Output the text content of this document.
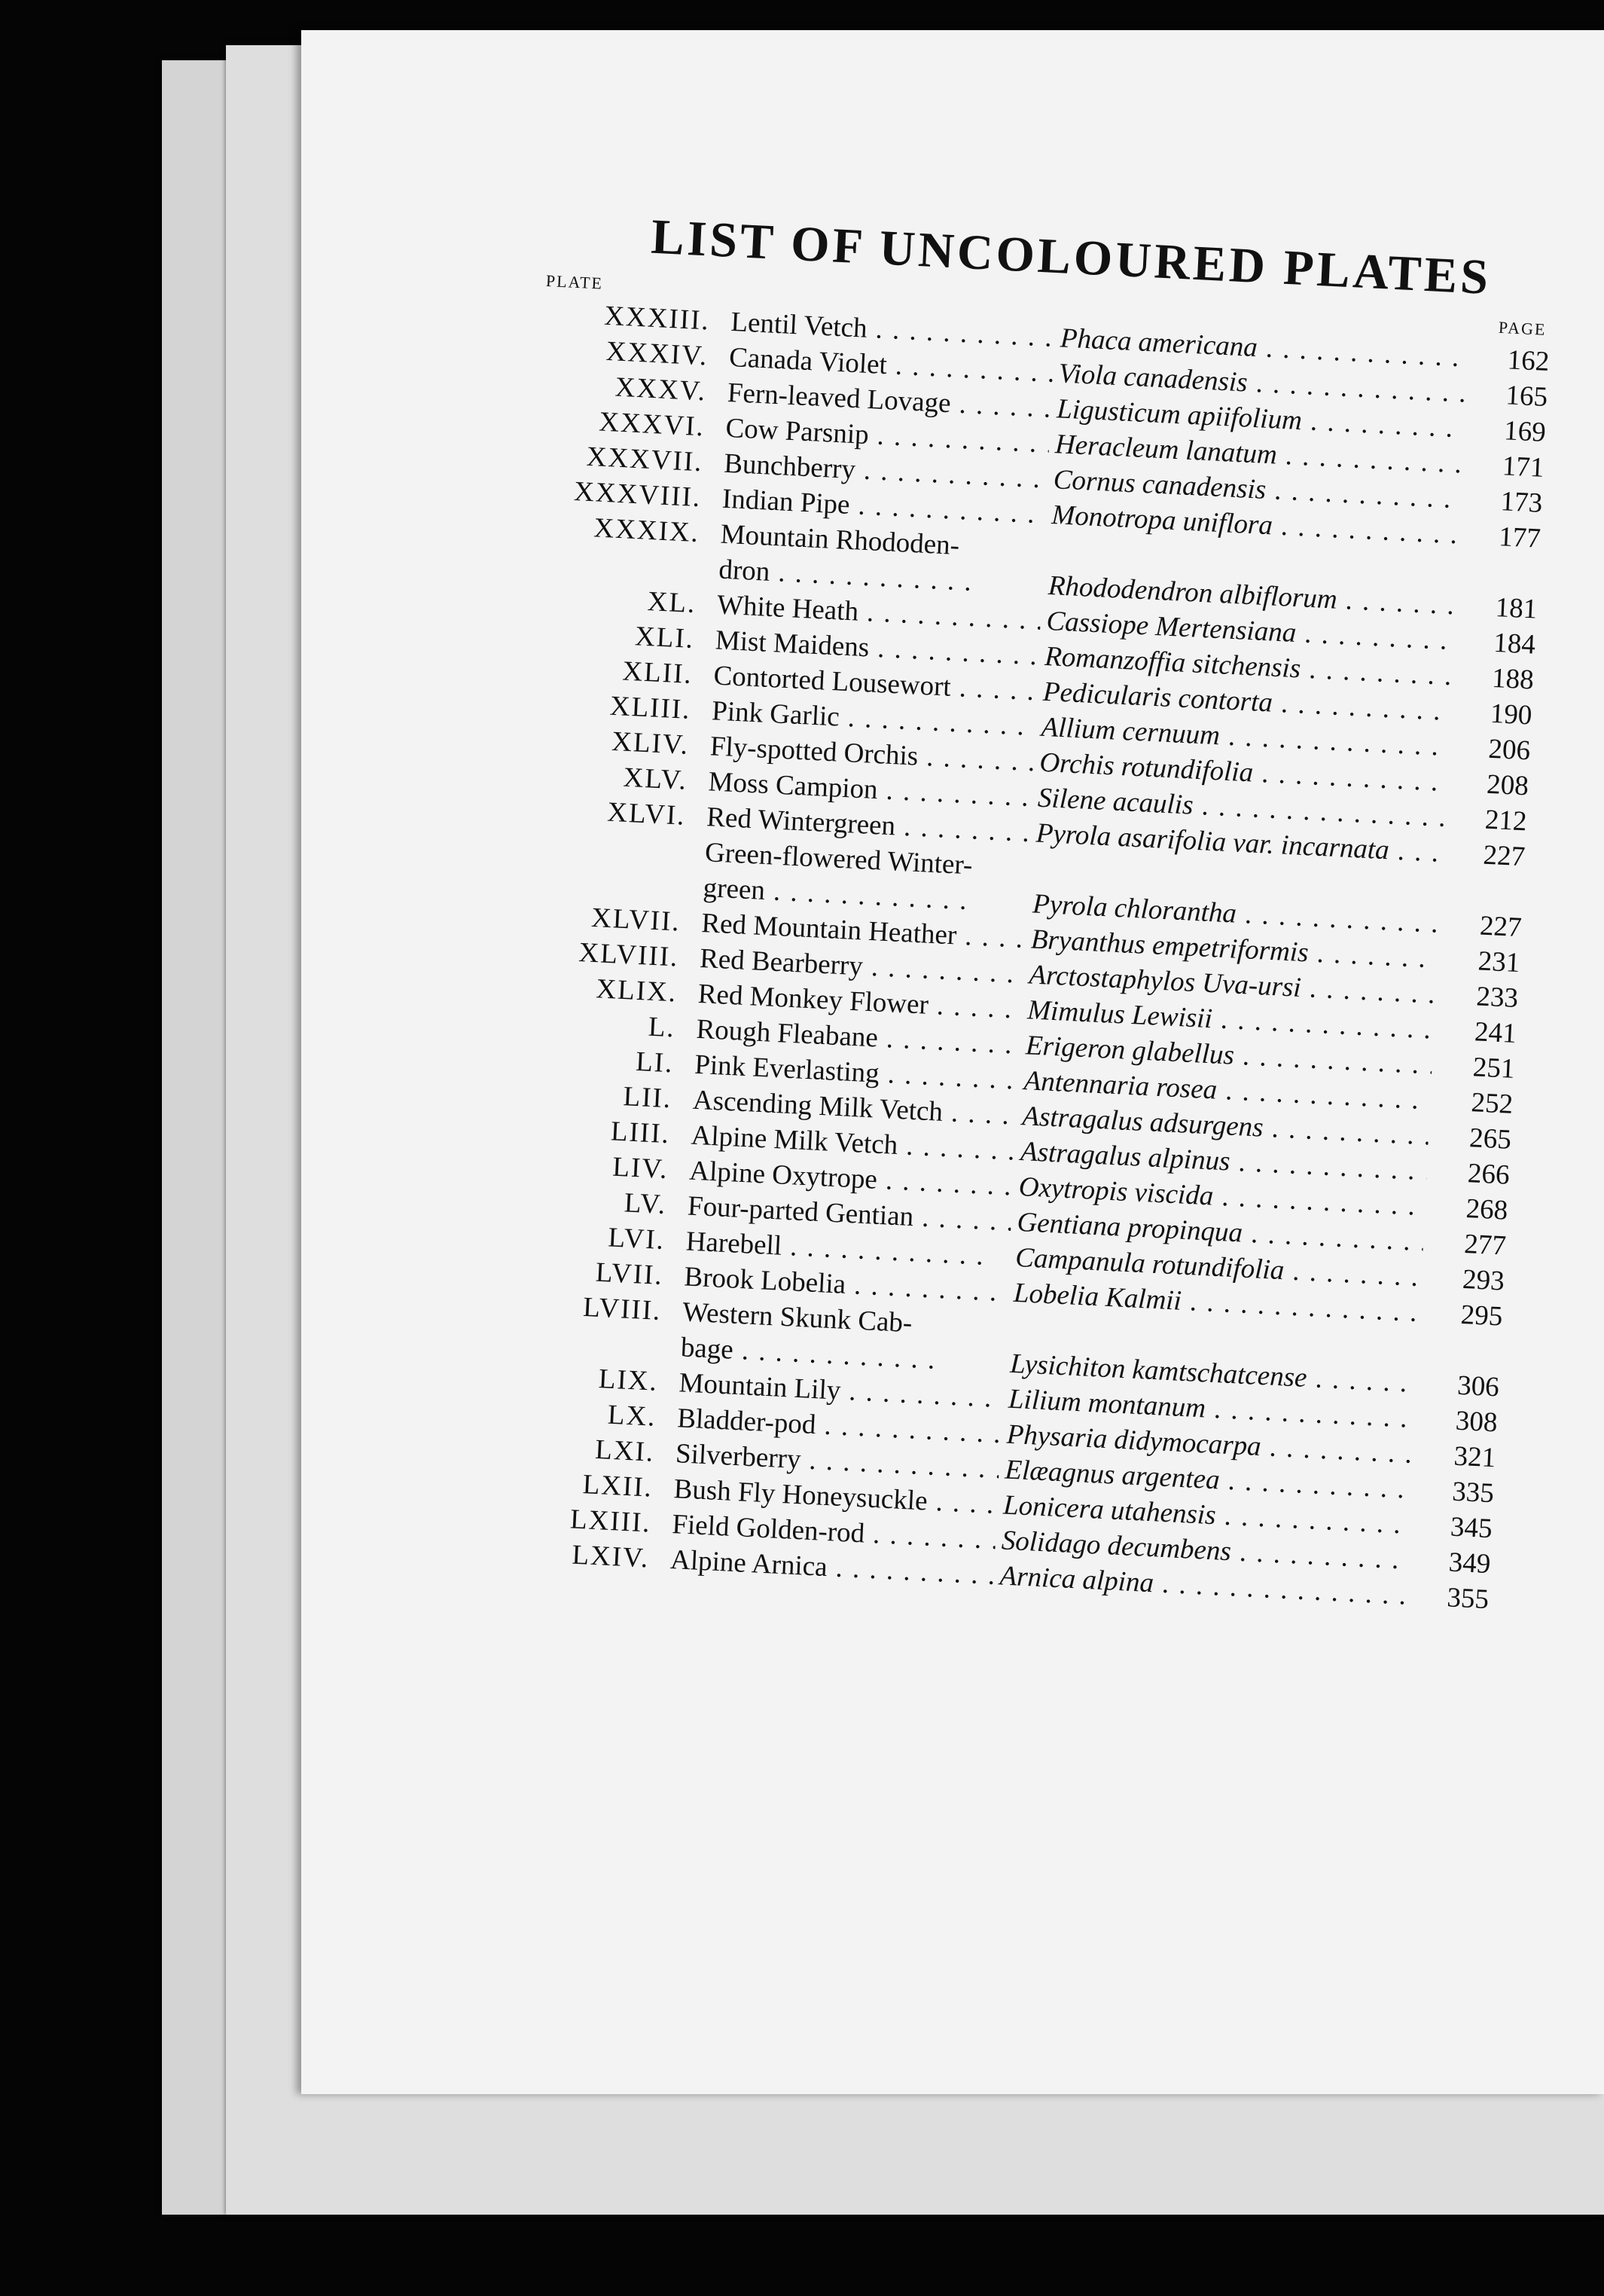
LIST OF UNCOLOURED PLATES
PLATE
PAGE
XXXIII. Lentil Vetch . . .	Phaca americana . . .	162
XXXIV. Canada Violet . . .	Viola canadensis . . .	165
XXXV. Fern-leaved Lovage . . .	Ligusticum apiifolium . . .	169
XXXVI. Cow Parsnip . . .	Heracleum lanatum . . .	171
XXXVII. Bunchberry . . .	Cornus canadensis . . .	173
XXXVIII. Indian Pipe . . .	Monotropa uniflora . . .	177
XXXIX. Mountain Rhododen-
dron . . .	Rhododendron albiflorum . . .	181
XL. White Heath . . .	Cassiope Mertensiana . . .	184
XLI. Mist Maidens . . .	Romanzoffia sitchensis . . .	188
XLII. Contorted Lousewort . . .	Pedicularis contorta . . .	190
XLIII. Pink Garlic . . .	Allium cernuum . . .	206
XLIV. Fly-spotted Orchis . . .	Orchis rotundifolia . . .	208
XLV. Moss Campion . . .	Silene acaulis . . .	212
XLVI. Red Wintergreen . . .	Pyrola asarifolia var. incarnata . . .	227
Green-flowered Winter-
green . . .	Pyrola chlorantha . . .	227
XLVII. Red Mountain Heather . . .	Bryanthus empetriformis . . .	231
XLVIII. Red Bearberry . . .	Arctostaphylos Uva-ursi . . .	233
XLIX. Red Monkey Flower . . .	Mimulus Lewisii . . .	241
L. Rough Fleabane . . .	Erigeron glabellus . . .	251
LI. Pink Everlasting . . .	Antennaria rosea . . .	252
LII. Ascending Milk Vetch . . .	Astragalus adsurgens . . .	265
LIII. Alpine Milk Vetch . . .	Astragalus alpinus . . .	266
LIV. Alpine Oxytrope . . .	Oxytropis viscida . . .	268
LV. Four-parted Gentian . . .	Gentiana propinqua . . .	277
LVI. Harebell . . .	Campanula rotundifolia . . .	293
LVII. Brook Lobelia . . .	Lobelia Kalmii . . .	295
LVIII. Western Skunk Cab-
bage . . .	Lysichiton kamtschatcense . . .	306
LIX. Mountain Lily . . .	Lilium montanum . . .	308
LX. Bladder-pod . . .	Physaria didymocarpa . . .	321
LXI. Silverberry . . .	Elæagnus argentea . . .	335
LXII. Bush Fly Honeysuckle . . .	Lonicera utahensis . . .	345
LXIII. Field Golden-rod . . .	Solidago decumbens . . .	349
LXIV. Alpine Arnica . . .	Arnica alpina . . .	355
